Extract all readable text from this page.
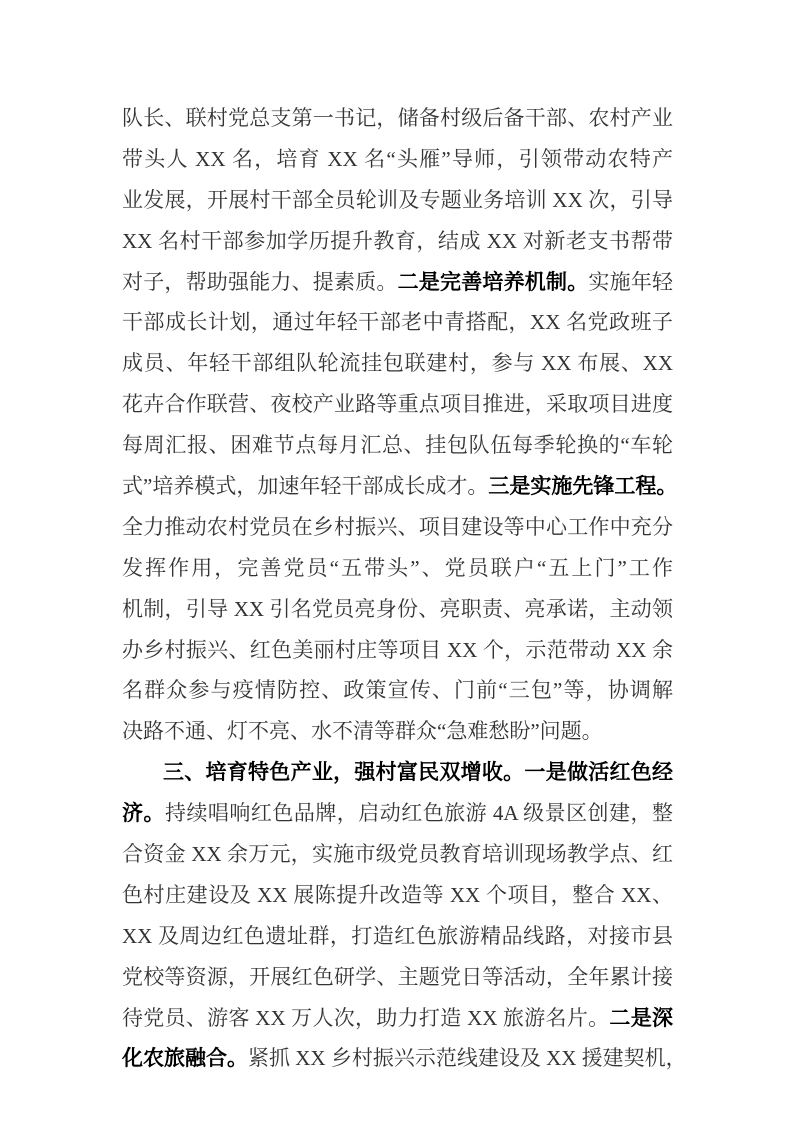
队长、联村党总支第一书记，储备村级后备干部、农村产业
带头人 XX 名，培育 XX 名“头雁”导师，引领带动农特产
业发展，开展村干部全员轮训及专题业务培训 XX 次，引导
XX 名村干部参加学历提升教育，结成 XX 对新老支书帮带
对子，帮助强能力、提素质。二是完善培养机制。实施年轻
干部成长计划，通过年轻干部老中青搭配，XX 名党政班子
成员、年轻干部组队轮流挂包联建村，参与 XX 布展、XX
花卉合作联营、夜校产业路等重点项目推进，采取项目进度
每周汇报、困难节点每月汇总、挂包队伍每季轮换的“车轮
式”培养模式，加速年轻干部成长成才。三是实施先锋工程。
全力推动农村党员在乡村振兴、项目建设等中心工作中充分
发挥作用，完善党员“五带头”、党员联户“五上门”工作
机制，引导 XX 引名党员亮身份、亮职责、亮承诺，主动领
办乡村振兴、红色美丽村庄等项目 XX 个，示范带动 XX 余
名群众参与疫情防控、政策宣传、门前“三包”等，协调解
决路不通、灯不亮、水不清等群众“急难愁盼”问题。
三、培育特色产业，强村富民双增收。一是做活红色经
济。持续唱响红色品牌，启动红色旅游 4A 级景区创建，整
合资金 XX 余万元，实施市级党员教育培训现场教学点、红
色村庄建设及 XX 展陈提升改造等 XX 个项目，整合 XX、
XX 及周边红色遗址群，打造红色旅游精品线路，对接市县
党校等资源，开展红色研学、主题党日等活动，全年累计接
待党员、游客 XX 万人次，助力打造 XX 旅游名片。二是深
化农旅融合。紧抓 XX 乡村振兴示范线建设及 XX 援建契机，
